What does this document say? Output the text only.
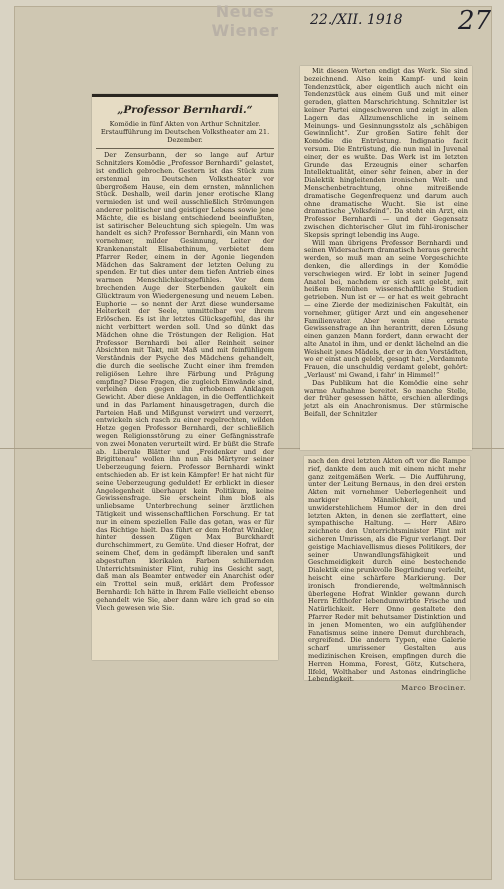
Neues Wiener
22./XII. 1918 27
„Professor Bernhardi.“
Komödie in fünf Akten von Arthur Schnitzler. Erstaufführung im Deutschen Volkstheater am 21. Dezember.

Der Zensurbann, der so lange auf Artur Schnitzlers Komödie „Professor Bernhardi“ gelastet, ist endlich gebrochen. Gestern ist das Stück zum erstenmal im Deutschen Volkstheater vor übergroßem Hause, ein dem ernsten, männlichen Stück. Deshalb, weil darin jener erotische Klang vermieden ist und weil ausschließlich Strömungen anderer politischer und geistiger Lebens sowie jene Mächte, die es bislang entschiedend beeinflußten, ist satirischer Beleuchtung sich spiegeln. Um was handelt es sich? Professor Bernhardi, ein Mann von vornehmer, milder Gesinnung, Leiter der Krankenanstalt Elisabethinum, verbietet dem Pfarrer Reder, einem in der Agonie liegenden Mädchen das Sakrament der letzten Oelung zu spenden. Er tut dies unter dem tiefen Antrieb eines warmen Menschlichkeitsgefühles. Vor dem brechenden Auge der Sterbenden gaukelt ein Glücktraum von Wiedergenesung und neuem Leben. Euphorie — so nennt der Arzt diese wundersame Heiterkeit der Seele, unmittelbar vor ihrem Erlöschen. Es ist ihr letztes Glücksgefühl, das ihr nicht verbittert werden soll. Und so dünkt das Mädchen ohne die Tröstungen der Religion. Hat Professor Bernhardi bei aller Reinheit seiner Absichten mit Takt, mit Maß und mit feinfühligem Verständnis der Psyche des Mädchens gehandelt, die durch die seelische Zucht einer ihm fremden religiösen Lehre ihre Färbung und Prägung empfing? Diese Fragen, die zugleich Einwände sind, verleihen den gegen ihn erhobenen Anklagen Gewicht. Aber diese Anklagen, in die Oeffentlichkeit und in das Parlament hinausgetragen, durch die Parteien Haß und Mißgunst verwirrt und verzerrt, entwickeln sich rasch zu einer regelrechten, wilden Hetze gegen Professor Bernhardi, der schließlich wegen Religionsstörung zu einer Gefängnisstrafe von zwei Monaten verurteilt wird. Er büßt die Strafe ab. Liberale Blätter und „Freidenker und der Brigittenau“ wollen ihn nun als Märtyrer seiner Ueberzeugung feiern. Professor Bernhardi winkt entschieden ab. Er ist kein Kämpfer! Er hat nicht für seine Ueberzeugung geduldet! Er erblickt in dieser Angelegenheit überhaupt kein Politikum, keine Gewissensfrage. Sie erscheint ihm bloß als unliebsame Unterbrechung seiner ärztlichen Tätigkeit und wissenschaftlichen Forschung. Er tat nur in einem speziellen Falle das getan, was er für das Richtige hielt. Das führt er dem Hofrat Winkler, hinter dessen Zügen Max Burckhardt durchschimmert, zu Gemüte. Und dieser Hofrat, der seinem Chef, dem in gedämpft liberalen und sanft abgestuften klerikalen Farben schillernden Unterrichtsminister Flint, ruhig ins Gesicht sagt, daß man als Beamter entweder ein Anarchist oder ein Trottel sein muß, erklärt dem Professor Bernhardi: Ich hätte in Ihrem Falle vielleicht ebenso gehandelt wie Sie, aber dann wäre ich grad so ein Viech gewesen wie Sie.

Mit diesen Worten endigt das Werk. Sie sind bezeichnend. Also kein Kampf- und kein Tendenzstück, aber eigentlich auch nicht ein Tendenzstück aus einem Guß und mit einer geraden, glatten Marschrichtung. Schnitzler ist keiner Partei eingeschworen und zeigt in allen Lagern das Allzumenschliche in seinem Meinungs- und Gesinnungsstolz als „schäbigen Gewinnlicht“. Zur großen Satire fehlt der Komödie die Entrüstung. Indignatio facit versum. Die Entrüstung, die nun mal in Juvenal einer, der es wußte. Das Werk ist im letzten Grunde das Erzeugnis einer scharfen Intellektualität, einer sehr feinen, aber in der Dialektik hingleitenden ironischen Welt- und Menschenbetrachtung, ohne mitreißende dramatische Gegenfrequenz und darum auch ohne dramatische Wucht. Sie ist eine dramatische „Volksfeind“. Da steht ein Arzt, ein Professor Bernhardi — und der Gegensatz zwischen dichterischer Glut im fühl-ironischer Skepsis springt lebendig ins Auge.

Will man übrigens Professor Bernhardi und seinen Widersachern dramatisch heraus gerecht werden, so muß man an seine Vorgeschichte denken, die allerdings in der Komödie verschwiegen wird. Er lobt in seiner Jugend Anatol bei, nachdem er sich satt gelebt, mit heißem Bemühen wissenschaftliche Studien getrieben. Nun ist er — er hat es weit gebracht — eine Zierde der medizinischen Fakultät, ein vornehmer, gütiger Arzt und ein angesehener Familienvater. Aber wenn eine ernste Gewissensfrage an ihn herantritt, deren Lösung einen ganzen Mann fordert, dann erwacht der alte Anatol in ihm, und er denkt lächelnd an die Weisheit jenes Mädels, der er in den Vorstädten, wo er einst auch gelebt, gesagt hat: „Verdammte Frauen, die unschuldig verdamt gelebt, gehört: „Verlaust' mi Gwand, i fahr' in Himmel!“

Das Publikum hat die Komödie eine sehr warme Aufnahme bereitet. So manche Stelle, der früher gesessen hätte, erschien allerdings jetzt als ein Anachronismus. Der stürmische Beifall, der Schnitzler

nach den drei letzten Akten oft vor die Rampe rief, dankte dem auch mit einem nicht mehr ganz zeitgemäßen Werk. — Die Aufführung, unter der Leitung Bernaus, in den drei ersten Akten mit vornehmer Ueberlegenheit und markiger Männlichkeit, und unwiderstehlichem Humor der in den drei letzten Akten, in denen sie zerflattert, eine sympathische Haltung. — Herr Aßiro zeichnete den Unterrichtsminister Flint mit sicheren Umrissen, als die Figur verlangt. Der geistige Machiavellismus dieses Politikers, der seiner Unwandlungsfähigkeit und Geschmeidigkeit durch eine bestechende Dialektik eine prunkvolle Begründung verleiht, heischt eine schärfere Markierung. Der ironisch frondierende, weltmännisch überlegene Hofrat Winkler gewann durch Herrn Edthofer lebendumwirbte Frische und Natürlichkeit. Herr Onno gestaltete den Pfarrer Reder mit behutsamer Distinktion und in jenen Momenten, wo ein aufglühender Fanatismus seine innere Demut durchbrach, ergreifend. Die andern Typen, eine Galerie scharf umrissener Gestalten aus medizinischen Kreisen, empfingen durch die Herren Homma, Forest, Götz, Kutschera, Ilfeld, Wolthaber und Astonas eindringliche Lebendigkeit.

Marco Brociner.
